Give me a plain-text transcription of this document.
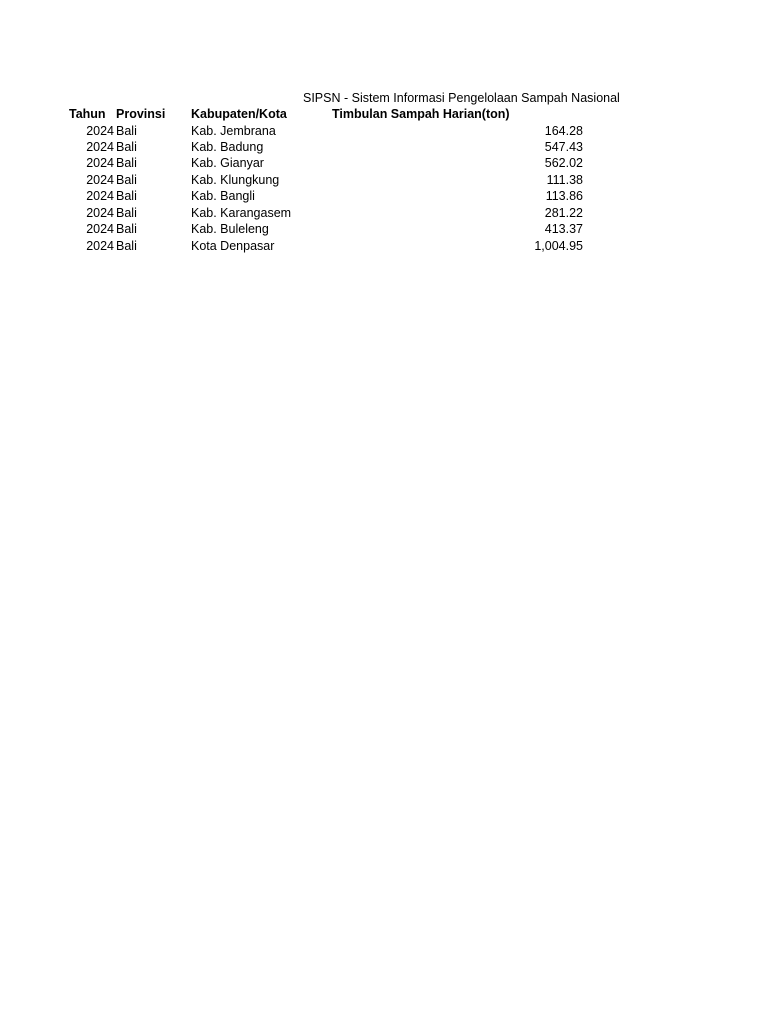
SIPSN - Sistem Informasi Pengelolaan Sampah Nasional
Tahun Provinsi Kabupaten/Kota	Timbulan Sampah Harian(ton)
2024 Bali	Kab. Jembrana	164.28
2024 Bali	Kab. Badung	547.43
2024 Bali	Kab. Gianyar	562.02
2024 Bali	Kab. Klungkung	111.38
2024 Bali	Kab. Bangli	113.86
2024 Bali	Kab. Karangasem	281.22
2024 Bali	Kab. Buleleng	413.37
2024 Bali	Kota Denpasar	1,004.95
